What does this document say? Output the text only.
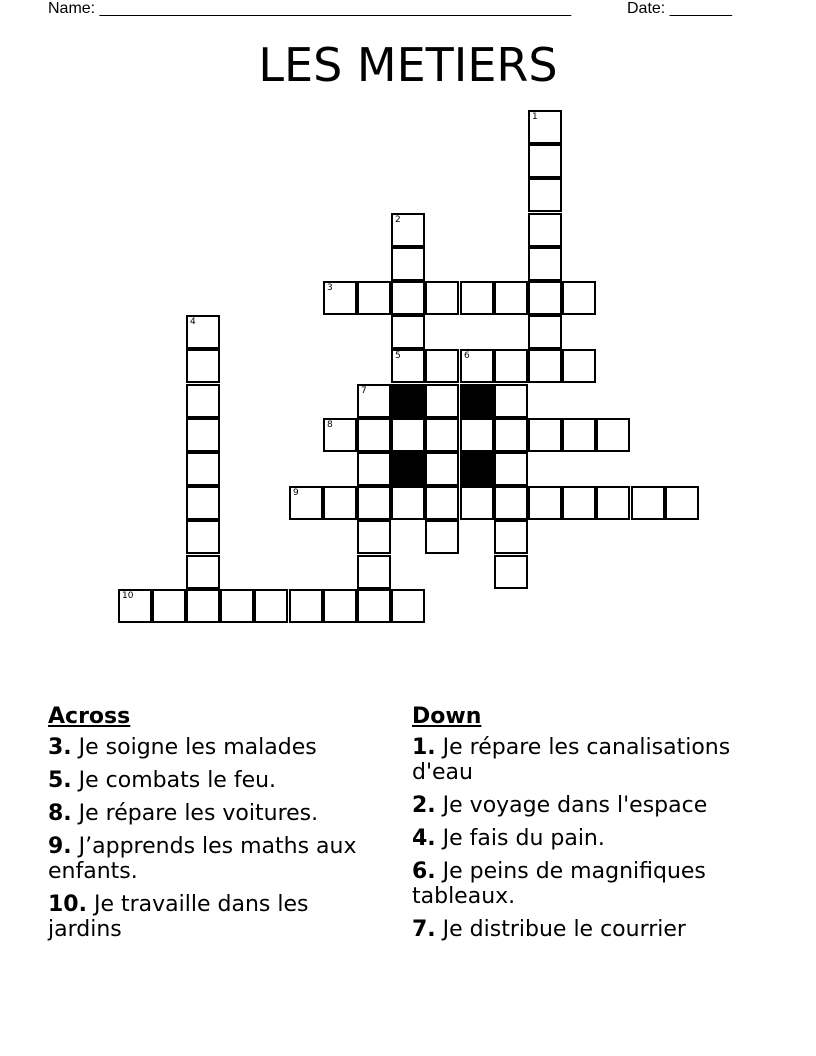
Name: _____________________________________________________	Date: _______
LES METIERS
1
2
3
4
5	6
7
8
9
10
Across
3. Je soigne les malades
5. Je combats le feu.
8. Je répare les voitures.
9. J’apprends les maths aux enfants.
10. Je travaille dans les jardins
Down
1. Je répare les canalisations d'eau
2. Je voyage dans l'espace
4. Je fais du pain.
6. Je peins de magnifiques tableaux.
7. Je distribue le courrier
